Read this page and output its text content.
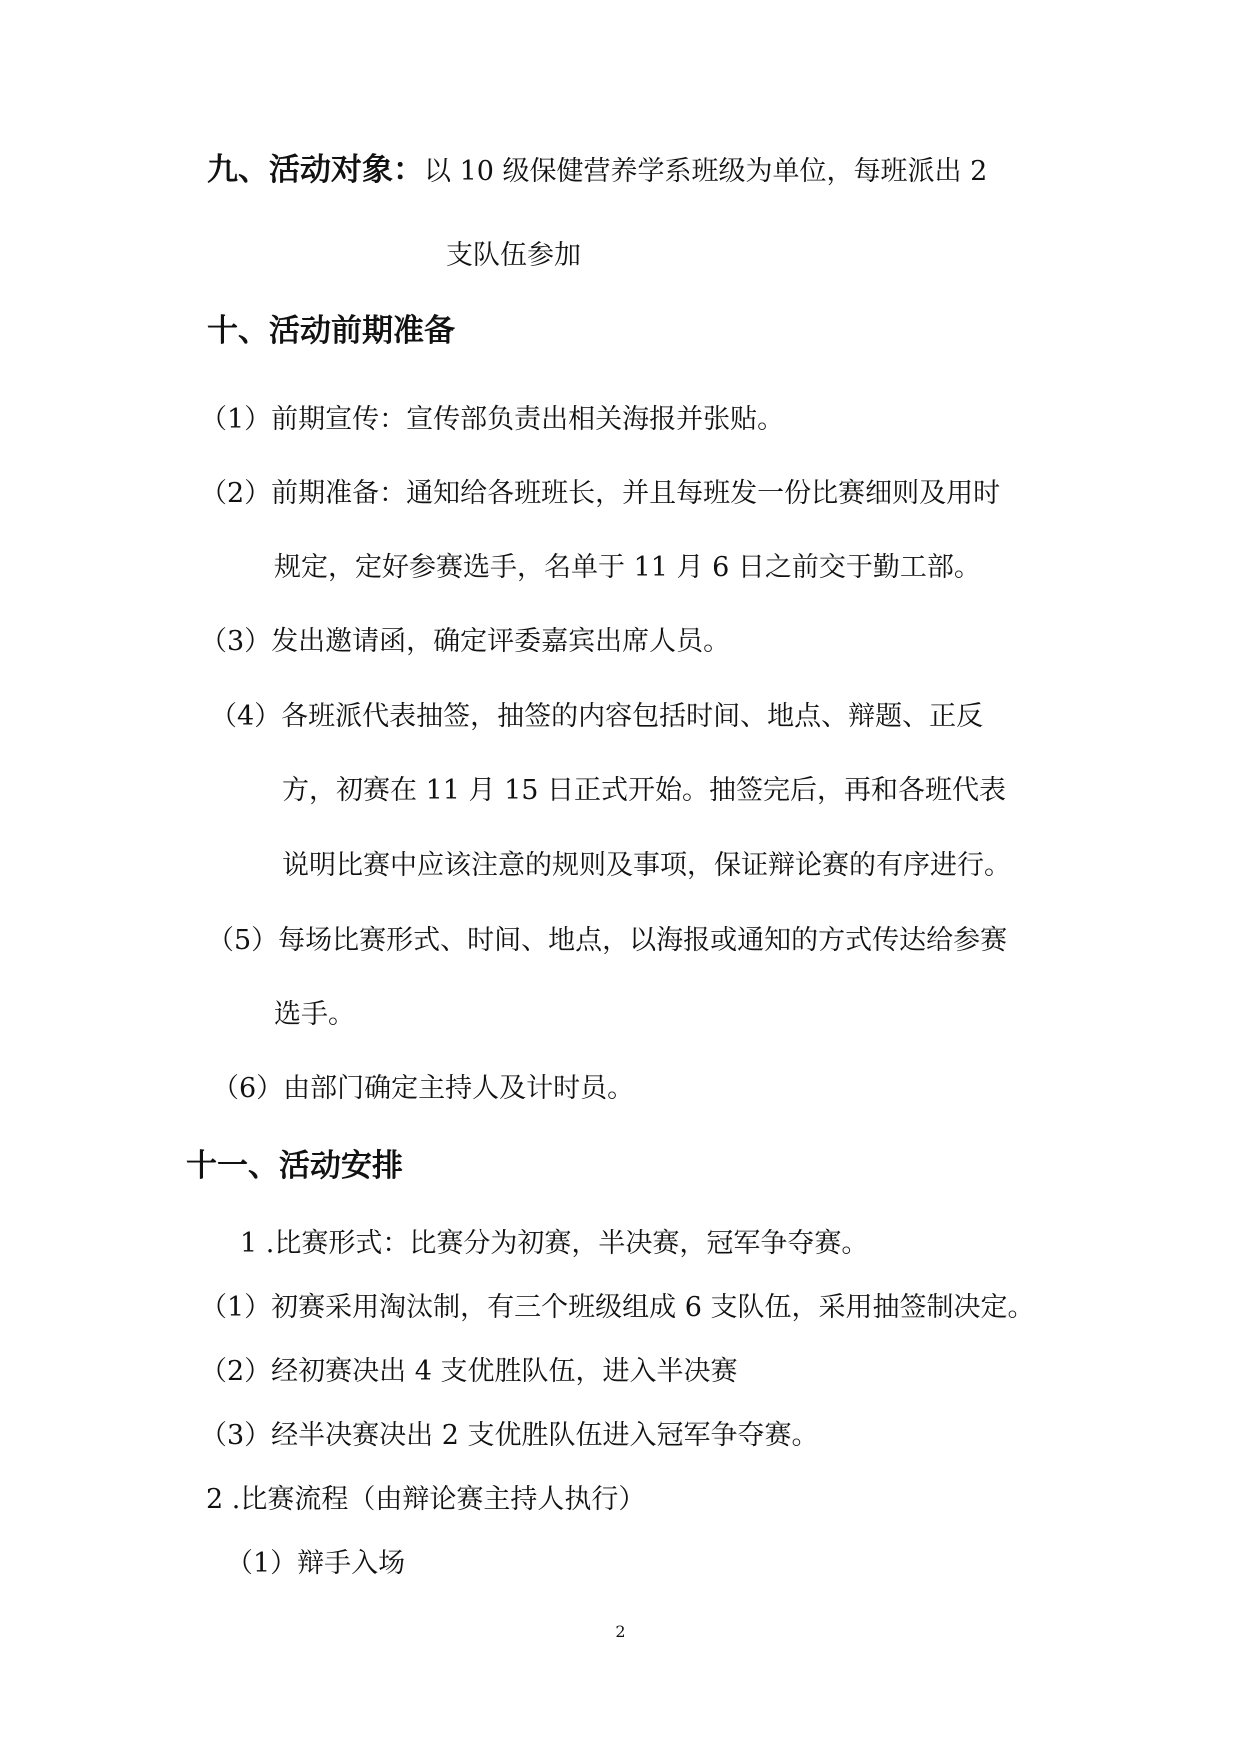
九、活动对象：以 10 级保健营养学系班级为单位，每班派出 2
支队伍参加
十、活动前期准备
（1）前期宣传：宣传部负责出相关海报并张贴。
（2）前期准备：通知给各班班长，并且每班发一份比赛细则及用时
规定，定好参赛选手，名单于 11 月 6 日之前交于勤工部。
（3）发出邀请函，确定评委嘉宾出席人员。
（4）各班派代表抽签，抽签的内容包括时间、地点、辩题、正反
方，初赛在 11 月 15 日正式开始。抽签完后，再和各班代表
说明比赛中应该注意的规则及事项，保证辩论赛的有序进行。
（5）每场比赛形式、时间、地点，以海报或通知的方式传达给参赛
选手。
（6）由部门确定主持人及计时员。
十一、活动安排
1 .比赛形式：比赛分为初赛，半决赛，冠军争夺赛。
（1）初赛采用淘汰制，有三个班级组成 6 支队伍，采用抽签制决定。
（2）经初赛决出 4 支优胜队伍，进入半决赛
（3）经半决赛决出 2 支优胜队伍进入冠军争夺赛。
2 .比赛流程（由辩论赛主持人执行）
（1）辩手入场
2
